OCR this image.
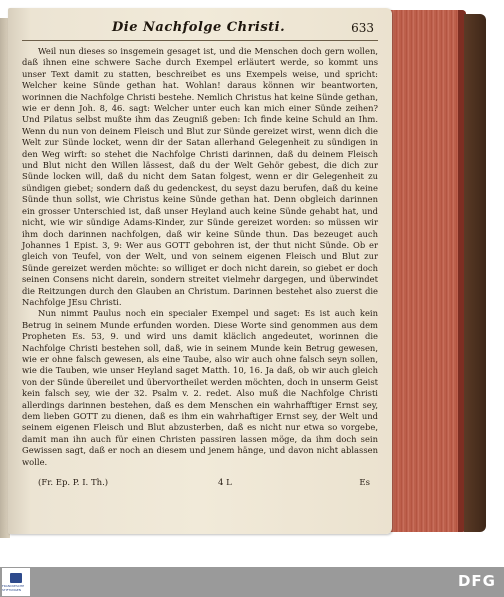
Die Nachfolge Christi.	633

Weil nun dieses so insgemein gesaget ist, und die Menschen doch gern wollen, daß ihnen eine schwere Sache durch Exempel erläutert werde, so kommt uns unser Text damit zu statten, beschreibet es uns Exempels weise, und spricht: Welcher keine Sünde gethan hat. Wohlan! daraus können wir beantworten, worinnen die Nachfolge Christi bestehe. Nemlich Christus hat keine Sünde gethan, wie er denn Joh. 8, 46. sagt: Welcher unter euch kan mich einer Sünde zeihen? Und Pilatus selbst mußte ihm das Zeugniß geben: Ich finde keine Schuld an Ihm. Wenn du nun von deinem Fleisch und Blut zur Sünde gereizet wirst, wenn dich die Welt zur Sünde locket, wenn dir der Satan allerhand Gelegenheit zu sündigen in den Weg wirft: so stehet die Nachfolge Christi darinnen, daß du deinem Fleisch und Blut nicht den Willen lässest, daß du der Welt Gehör gebest, die dich zur Sünde locken will, daß du nicht dem Satan folgest, wenn er dir Gelegenheit zu sündigen giebet; sondern daß du gedenckest, du seyst dazu berufen, daß du keine Sünde thun sollst, wie Christus keine Sünde gethan hat. Denn obgleich darinnen ein grosser Unterschied ist, daß unser Heyland auch keine Sünde gehabt hat, und nicht, wie wir sündige Adams-Kinder, zur Sünde gereizet worden: so müssen wir ihm doch darinnen nachfolgen, daß wir keine Sünde thun. Das bezeuget auch Johannes 1 Epist. 3, 9: Wer aus GOTT gebohren ist, der thut nicht Sünde. Ob er gleich von Teufel, von der Welt, und von seinem eigenen Fleisch und Blut zur Sünde gereizet werden möchte: so williget er doch nicht darein, so giebet er doch seinen Consens nicht darein, sondern streitet vielmehr dargegen, und überwindet die Reitzungen durch den Glauben an Christum. Darinnen bestehet also zuerst die Nachfolge JEsu Christi.

Nun nimmt Paulus noch ein specialer Exempel und saget: Es ist auch kein Betrug in seinem Munde erfunden worden. Diese Worte sind genommen aus dem Propheten Es. 53, 9. und wird uns damit kläclich angedeutet, worinnen die Nachfolge Christi bestehen soll, daß, wie in seinem Munde kein Betrug gewesen, wie er ohne falsch gewesen, als eine Taube, also wir auch ohne falsch seyn sollen, wie die Tauben, wie unser Heyland saget Matth. 10, 16. Ja daß, ob wir auch gleich von der Sünde übereilet und übervortheilet werden möchten, doch in unserm Geist kein falsch sey, wie der 32. Psalm v. 2. redet. Also muß die Nachfolge Christi allerdings darinnen bestehen, daß es dem Menschen ein wahrhafftiger Ernst sey, dem lieben GOTT zu dienen, daß es ihm ein wahrhaftiger Ernst sey, der Welt und seinem eigenen Fleisch und Blut abzusterben, daß es nicht nur etwa so vorgebe, damit man ihn auch für einen Christen passiren lassen möge, da ihm doch sein Gewissen sagt, daß er noch an diesem und jenem hänge, und davon nicht ablassen wolle.

(Fr. Ep. P. I. Th.)	4 L	Es
FRANCKESCHE STIFTUNGEN	DFG
